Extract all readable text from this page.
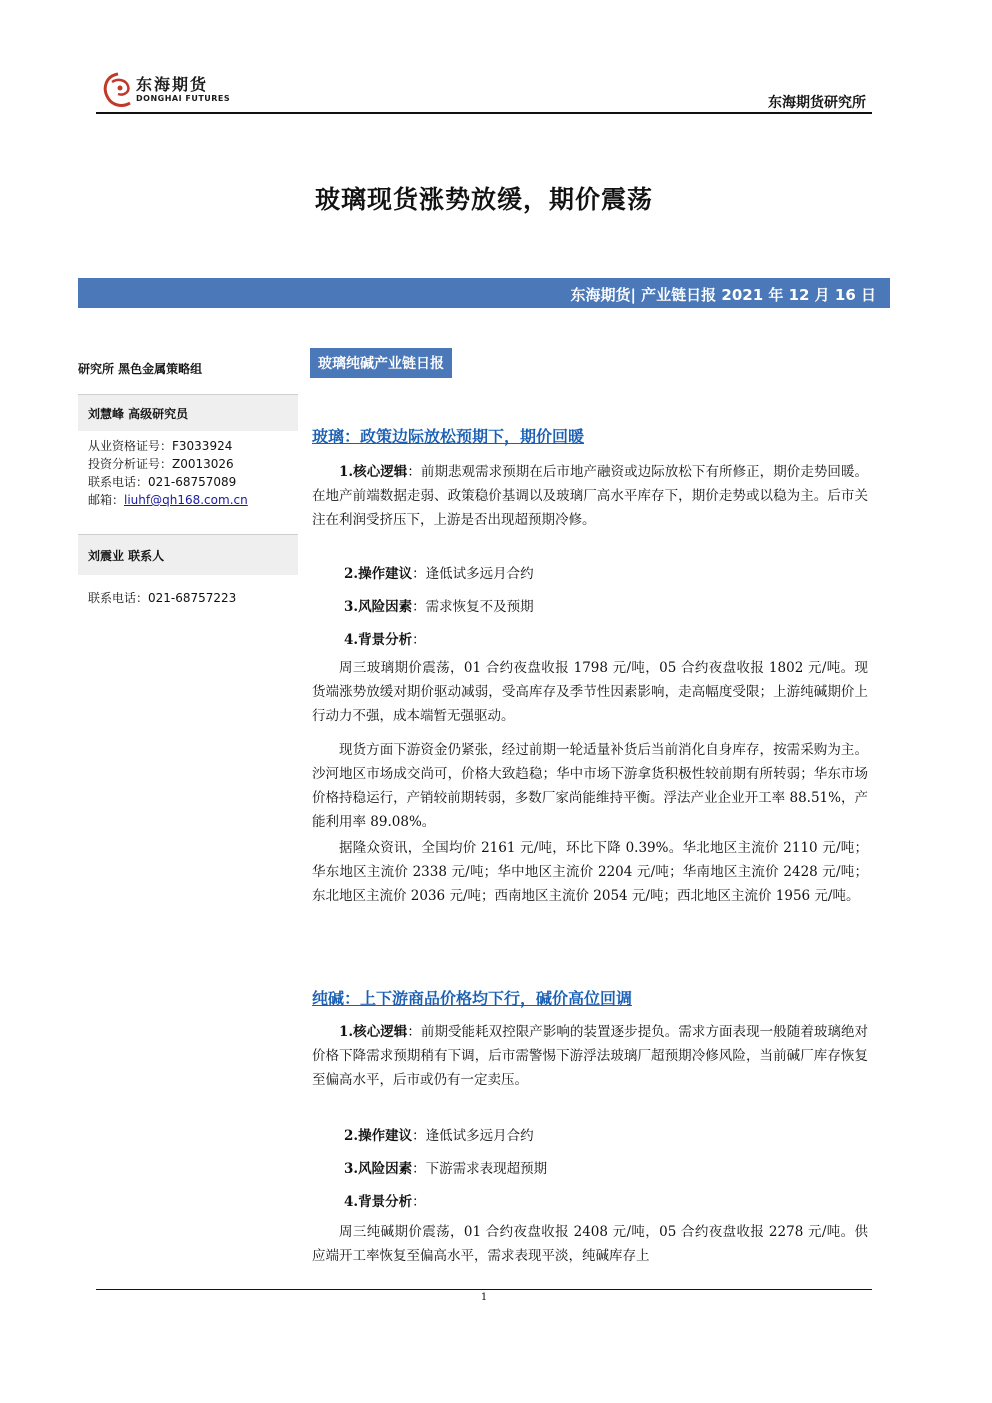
东海期货
DONGHAI FUTURES	东海期货研究所
玻璃现货涨势放缓，期价震荡
东海期货| 产业链日报 2021 年 12 月 16 日
研究所 黑色金属策略组
刘慧峰 高级研究员
从业资格证号：F3033924
投资分析证号：Z0013026
联系电话：021-68757089
邮箱：liuhf@qh168.com.cn
刘震业 联系人
联系电话：021-68757223
玻璃纯碱产业链日报
玻璃：政策边际放松预期下，期价回暖
1.核心逻辑：前期悲观需求预期在后市地产融资或边际放松下有所修正，期价走势回暖。在地产前端数据走弱、政策稳价基调以及玻璃厂高水平库存下，期价走势或以稳为主。后市关注在利润受挤压下，上游是否出现超预期冷修。
2.操作建议：逢低试多远月合约
3.风险因素：需求恢复不及预期
4.背景分析：
周三玻璃期价震荡，01 合约夜盘收报 1798 元/吨，05 合约夜盘收报 1802 元/吨。现货端涨势放缓对期价驱动减弱，受高库存及季节性因素影响，走高幅度受限；上游纯碱期价上行动力不强，成本端暂无强驱动。
现货方面下游资金仍紧张，经过前期一轮适量补货后当前消化自身库存，按需采购为主。沙河地区市场成交尚可，价格大致趋稳；华中市场下游拿货积极性较前期有所转弱；华东市场价格持稳运行，产销较前期转弱，多数厂家尚能维持平衡。浮法产业企业开工率 88.51%，产能利用率 89.08%。
据隆众资讯，全国均价 2161 元/吨，环比下降 0.39%。华北地区主流价 2110 元/吨；华东地区主流价 2338 元/吨；华中地区主流价 2204 元/吨；华南地区主流价 2428 元/吨；东北地区主流价 2036 元/吨；西南地区主流价 2054 元/吨；西北地区主流价 1956 元/吨。
纯碱：上下游商品价格均下行，碱价高位回调
1.核心逻辑：前期受能耗双控限产影响的装置逐步提负。需求方面表现一般随着玻璃绝对价格下降需求预期稍有下调，后市需警惕下游浮法玻璃厂超预期冷修风险，当前碱厂库存恢复至偏高水平，后市或仍有一定卖压。
2.操作建议：逢低试多远月合约
3.风险因素：下游需求表现超预期
4.背景分析：
周三纯碱期价震荡，01 合约夜盘收报 2408 元/吨，05 合约夜盘收报 2278 元/吨。供应端开工率恢复至偏高水平，需求表现平淡，纯碱库存上
1
